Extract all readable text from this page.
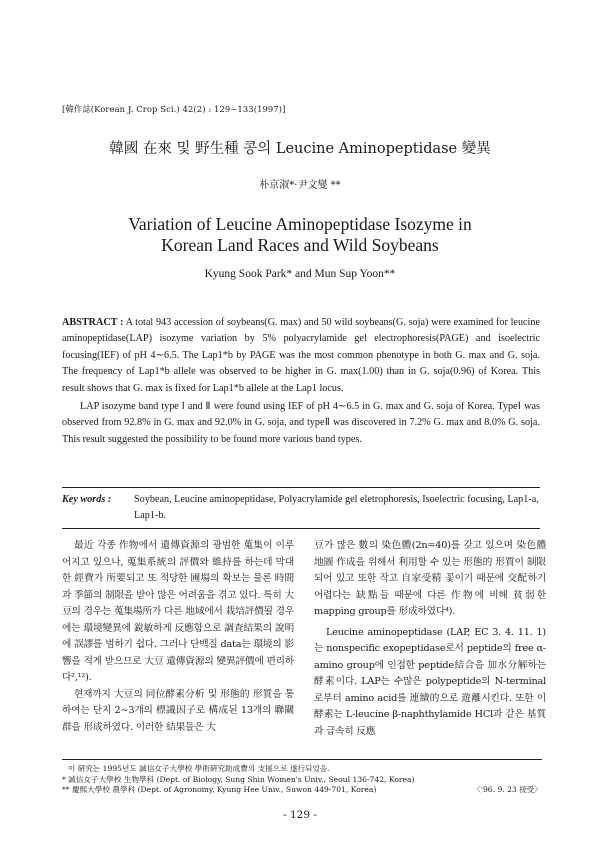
[韓作誌(Korean J. Crop Sci.) 42(2) : 129∼133(1997)]
韓國 在來 및 野生種 콩의 Leucine Aminopeptidase 變異
朴京淑*·尹文燮 **
Variation of Leucine Aminopeptidase Isozyme in
Korean Land Races and Wild Soybeans
Kyung Sook Park* and Mun Sup Yoon**

ABSTRACT : A total 943 accession of soybeans(G. max) and 50 wild soybeans(G. soja) were examined for leucine aminopeptidase(LAP) isozyme variation by 5% polyacrylamide gel electrophoresis(PAGE) and isoelectric focusing(IEF) of pH 4∼6.5. The Lap1*b by PAGE was the most common phenotype in both G. max and G. soja. The frequency of Lap1*b allele was observed to be higher in G. max(1.00) than in G. soja(0.96) of Korea. This result shows that G. max is fixed for Lap1*b allele at the Lap1 locus.

LAP isozyme band type Ⅰ and Ⅱ were found using IEF of pH 4∼6.5 in G. max and G. soja of Korea. TypeⅠ was observed from 92.8% in G. max and 92.0% in G. soja, and typeⅡ was discovered in 7.2% G. max and 8.0% G. soja. This result suggested the possibility to be found more various band types.

Key words : Soybean, Leucine aminopeptidase, Polyacrylamide gel eletrophoresis, Isoelectric focusing, Lap1-a, Lap1-b.

最近 각종 作物에서 遺傳資源의 광범한 蒐集이 이루어지고 있으나, 蒐集系統의 評價와 維持를 하는데 막대한 經費가 所要되고 또 적당한 圃場의 확보는 물론 時間과 季節의 制限을 받아 많은 어려움을 겪고 있다. 특히 大豆의 경우는 蒐集場所가 다른 地域에서 栽培評價될 경우에는 環境變異에 銳敏하게 反應함으로 調査結果의 說明에 誤謬를 범하기 쉽다. 그러나 단백질 data는 環境의 影響을 적게 받으므로 大豆 遺傳資源의 變異評價에 편리하다²,¹²).

현재까지 大豆의 同位酵素分析 및 形態的 形質을 통하여는 단지 2∼3개의 標識因子로 構成된 13개의 聯關群을 形成하였다. 이러한 結果들은 大

豆가 많은 數의 染色體(2n=40)를 갖고 있으며 染色體地圖 作成을 위해서 利用할 수 있는 形態的 形質이 制限되어 있고 또한 작고 自家受精 꽃이기 때문에 交配하기 어렵다는 缺點들 때문에 다른 作物에 비해 貧弱한 mapping group를 形成하였다⁴).

Leucine aminopeptidase (LAP, EC 3. 4. 11. 1)는 nonspecific exopeptidase로서 peptide의 free α-amino group에 인접한 peptide結合을 加水分解하는 酵素이다. LAP는 수많은 polypeptide의 N-terminal로부터 amino acid를 連續的으로 遊離시킨다. 또한 이 酵素는 L-leucine β-naphthylamide HCl과 같은 基質과 급속히 反應

이 硏究는 1995년도 誠信女子大學校 學術硏究助成費의 支援으로 遂行되었음.
* 誠信女子大學校 生物學科 (Dept. of Biology, Sung Shin Women's Univ., Seoul 136-742, Korea)
** 慶熙大學校 農學科 (Dept. of Agronomy, Kyung Hee Univ., Suwon 449-701, Korea)	〈'96. 9. 23 接受〉
- 129 -
